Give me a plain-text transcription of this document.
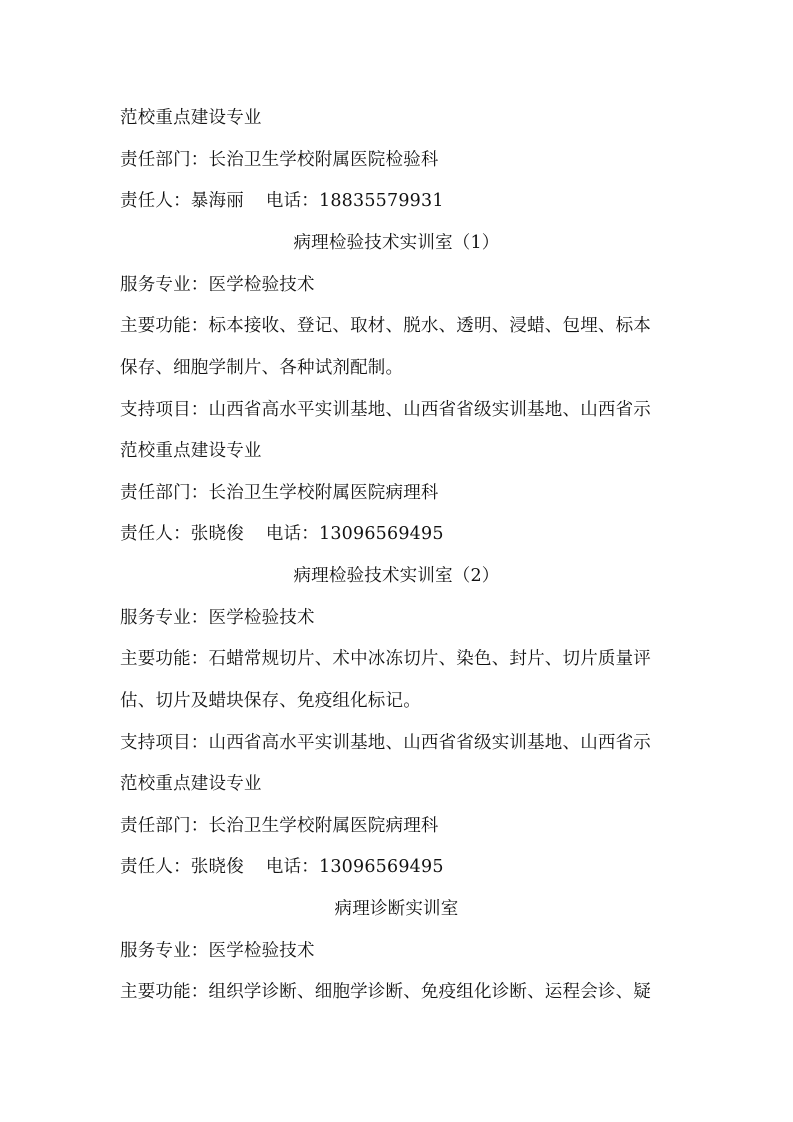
范校重点建设专业
责任部门：长治卫生学校附属医院检验科
责任人：暴海丽 电话：18835579931
病理检验技术实训室（1）
服务专业：医学检验技术
主要功能：标本接收、登记、取材、脱水、透明、浸蜡、包埋、标本
保存、细胞学制片、各种试剂配制。
支持项目：山西省高水平实训基地、山西省省级实训基地、山西省示
范校重点建设专业
责任部门：长治卫生学校附属医院病理科
责任人：张晓俊 电话：13096569495
病理检验技术实训室（2）
服务专业：医学检验技术
主要功能：石蜡常规切片、术中冰冻切片、染色、封片、切片质量评
估、切片及蜡块保存、免疫组化标记。
支持项目：山西省高水平实训基地、山西省省级实训基地、山西省示
范校重点建设专业
责任部门：长治卫生学校附属医院病理科
责任人：张晓俊 电话：13096569495
病理诊断实训室
服务专业：医学检验技术
主要功能：组织学诊断、细胞学诊断、免疫组化诊断、运程会诊、疑
